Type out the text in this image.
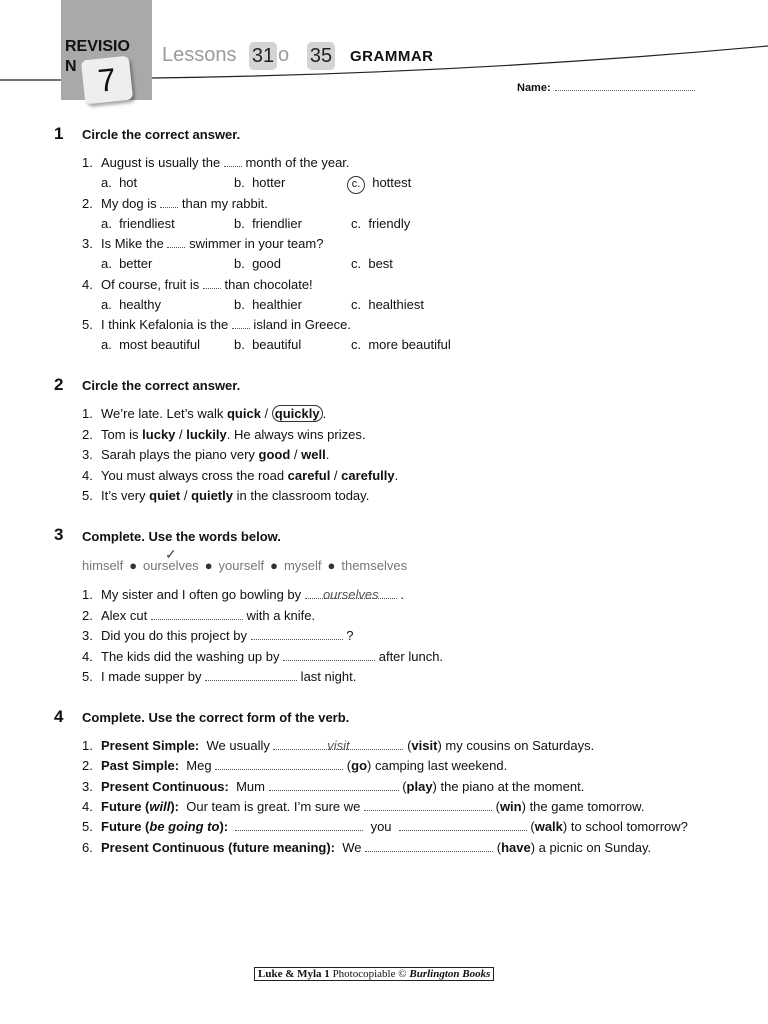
REVISIO
N 7
Lessons 31 o 35 GRAMMAR
Name:
1 Circle the correct answer.
1. August is usually the  month of the year.
a.  hot	b.  hotter	c.  hottest
2. My dog is  than my rabbit.
a.  friendliest	b.  friendlier	c.  friendly
3. Is Mike the  swimmer in your team?
a.  better	b.  good	c.  best
4. Of course, fruit is  than chocolate!
a.  healthy	b.  healthier	c.  healthiest
5. I think Kefalonia is the  island in Greece.
a.  most beautiful	b.  beautiful	c.  more beautiful
2 Circle the correct answer.
1. We’re late. Let’s walk quick / quickly .
2. Tom is lucky / luckily. He always wins prizes.
3. Sarah plays the piano very good / well.
4. You must always cross the road careful / carefully.
5. It’s very quiet / quietly in the classroom today.
3 Complete. Use the words below.
✓
himself ● ourselves ● yourself ● myself ● themselves
1. My sister and I often go bowling by ourselves .
2. Alex cut	with a knife.
3. Did you do this project by	?
4. The kids did the washing up by	after lunch.
5. I made supper by	last night.
4 Complete. Use the correct form of the verb.
1. Present Simple: We usually	visit	(visit) my cousins on Saturdays.
2. Past Simple: Meg	(go) camping last weekend.
3. Present Continuous: Mum	(play) the piano at the moment.
4. Future (will): Our team is great. I’m sure we	(win) the game tomorrow.
5. Future (be going to):	you	(walk) to school tomorrow?
6. Present Continuous (future meaning): We	(have) a picnic on Sunday.
Luke & Myla 1 Photocopiable © Burlington Books
